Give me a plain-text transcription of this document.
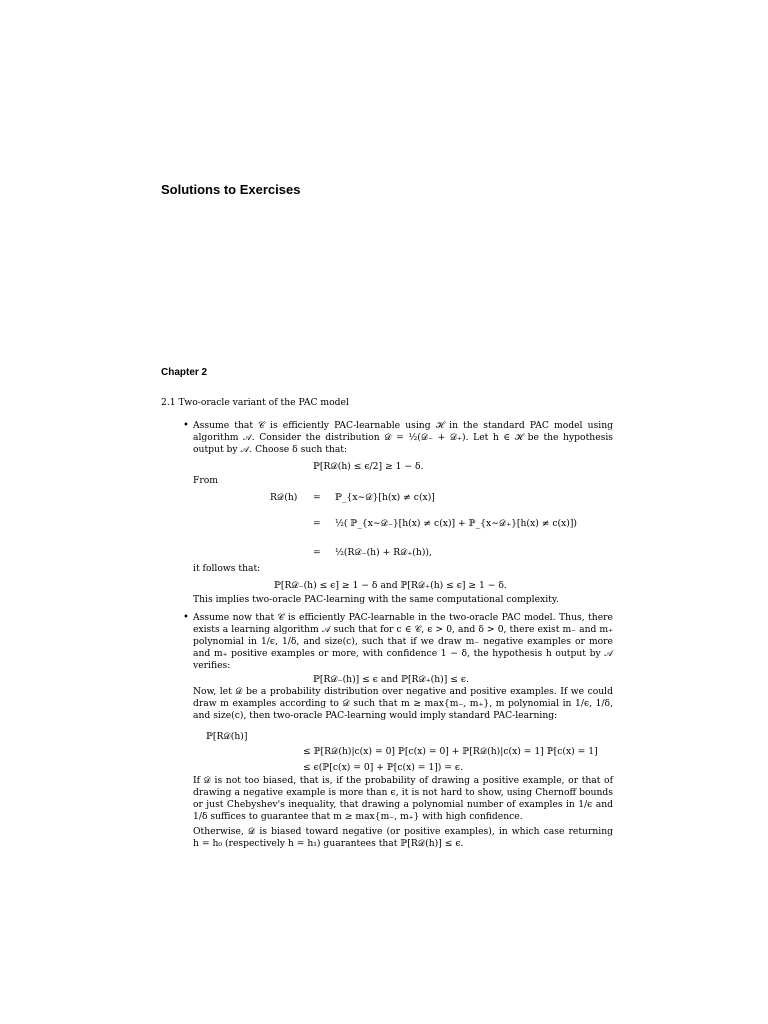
Solutions to Exercises
Chapter 2
2.1 Two-oracle variant of the PAC model
• Assume that 𝒞 is efficiently PAC-learnable using ℋ in the standard PAC model using
algorithm 𝒜. Consider the distribution 𝒟 = ½(𝒟₋ + 𝒟₊). Let h ∈ ℋ be the hypothesis
output by 𝒜. Choose δ such that:
ℙ[R𝒟(h) ≤ ϵ/2] ≥ 1 − δ.
From
R𝒟(h) = ℙ_{x∼𝒟}[h(x) ≠ c(x)]
= ½( ℙ_{x∼𝒟₋}[h(x) ≠ c(x)] + ℙ_{x∼𝒟₊}[h(x) ≠ c(x)])
= ½(R𝒟₋(h) + R𝒟₊(h)),
it follows that:
ℙ[R𝒟₋(h) ≤ ϵ] ≥ 1 − δ and ℙ[R𝒟₊(h) ≤ ϵ] ≥ 1 − δ.
This implies two-oracle PAC-learning with the same computational complexity.
• Assume now that 𝒞 is efficiently PAC-learnable in the two-oracle PAC model. Thus, there
exists a learning algorithm 𝒜 such that for c ∈ 𝒞, ϵ > 0, and δ > 0, there exist m₋ and m₊
polynomial in 1/ϵ, 1/δ, and size(c), such that if we draw m₋ negative examples or more
and m₊ positive examples or more, with confidence 1 − δ, the hypothesis h output by 𝒜
verifies:
ℙ[R𝒟₋(h)] ≤ ϵ and ℙ[R𝒟₊(h)] ≤ ϵ.
Now, let 𝒟 be a probability distribution over negative and positive examples. If we could
draw m examples according to 𝒟 such that m ≥ max{m₋, m₊}, m polynomial in 1/ϵ, 1/δ,
and size(c), then two-oracle PAC-learning would imply standard PAC-learning:
ℙ[R𝒟(h)]
≤ ℙ[R𝒟(h)|c(x) = 0] ℙ[c(x) = 0] + ℙ[R𝒟(h)|c(x) = 1] ℙ[c(x) = 1]
≤ ϵ(ℙ[c(x) = 0] + ℙ[c(x) = 1]) = ϵ.
If 𝒟 is not too biased, that is, if the probability of drawing a positive example, or that of
drawing a negative example is more than ϵ, it is not hard to show, using Chernoff bounds
or just Chebyshev's inequality, that drawing a polynomial number of examples in 1/ϵ and
1/δ suffices to guarantee that m ≥ max{m₋, m₊} with high confidence.
Otherwise, 𝒟 is biased toward negative (or positive examples), in which case returning
h = h₀ (respectively h = h₁) guarantees that ℙ[R𝒟(h)] ≤ ϵ.
